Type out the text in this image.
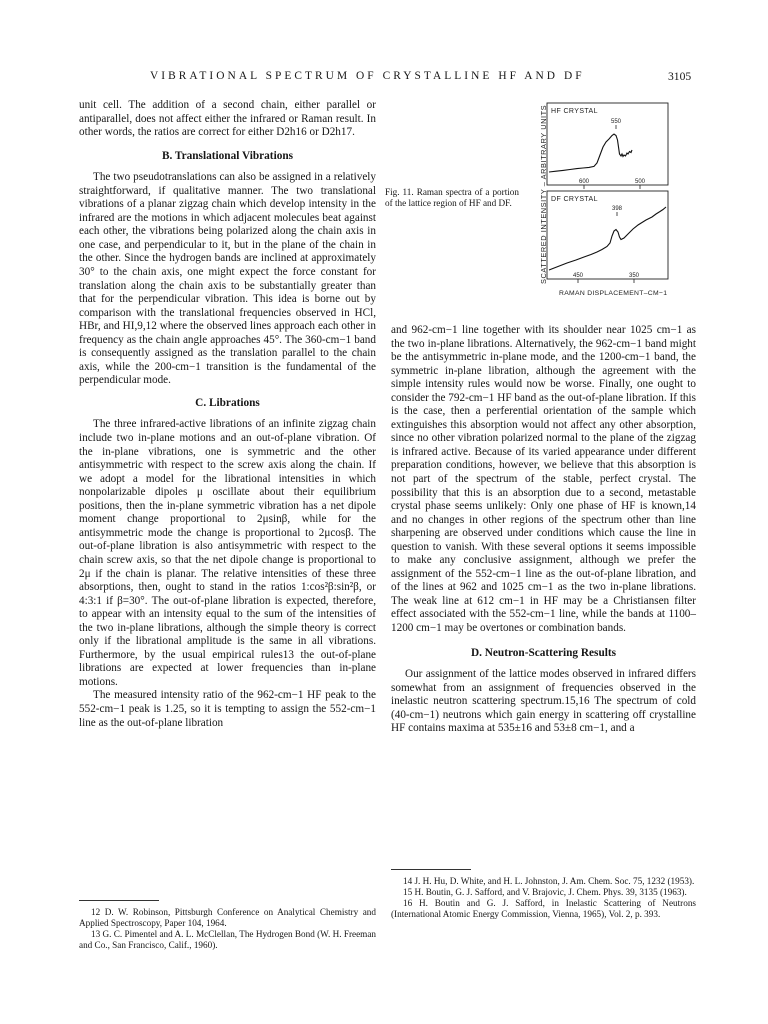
VIBRATIONAL SPECTRUM OF CRYSTALLINE HF AND DF	3105

unit cell. The addition of a second chain, either parallel or antiparallel, does not affect either the infrared or Raman result. In other words, the ratios are correct for either D2h16 or D2h17.

B. Translational Vibrations

The two pseudotranslations can also be assigned in a relatively straightforward, if qualitative manner. The two translational vibrations of a planar zigzag chain which develop intensity in the infrared are the motions in which adjacent molecules beat against each other, the vibrations being polarized along the chain axis in one case, and perpendicular to it, but in the plane of the chain in the other. Since the hydrogen bands are inclined at approximately 30° to the chain axis, one might expect the force constant for translation along the chain axis to be substantially greater than that for the perpendicular vibration. This idea is borne out by comparison with the translational frequencies observed in HCl, HBr, and HI,9,12 where the observed lines approach each other in frequency as the chain angle approaches 45°. The 360-cm−1 band is consequently assigned as the translation parallel to the chain axis, while the 200-cm−1 transition is the fundamental of the perpendicular mode.

C. Librations

The three infrared-active librations of an infinite zigzag chain include two in-plane motions and an out-of-plane vibration. Of the in-plane vibrations, one is symmetric and the other antisymmetric with respect to the screw axis along the chain. If we adopt a model for the librational intensities in which nonpolarizable dipoles μ oscillate about their equilibrium positions, then the in-plane symmetric vibration has a net dipole moment change proportional to 2μsinβ, while for the antisymmetric mode the change is proportional to 2μcosβ. The out-of-plane libration is also antisymmetric with respect to the chain screw axis, so that the net dipole change is proportional to 2μ if the chain is planar. The relative intensities of these three absorptions, then, ought to stand in the ratios 1:cos²β:sin²β, or 4:3:1 if β=30°. The out-of-plane libration is expected, therefore, to appear with an intensity equal to the sum of the intensities of the two in-plane librations, although the simple theory is correct only if the librational amplitude is the same in all vibrations. Furthermore, by the usual empirical rules13 the out-of-plane librations are expected at lower frequencies than in-plane motions.

The measured intensity ratio of the 962-cm−1 HF peak to the 552-cm−1 peak is 1.25, so it is tempting to assign the 552-cm−1 line as the out-of-plane libration

12 D. W. Robinson, Pittsburgh Conference on Analytical Chemistry and Applied Spectroscopy, Paper 104, 1964.
13 G. C. Pimentel and A. L. McClellan, The Hydrogen Bond (W. H. Freeman and Co., San Francisco, Calif., 1960).
Fig. 11. Raman spectra of a portion of the lattice region of HF and DF.	SCATTERED INTENSITY – ARBITRARY UNITS HF CRYSTAL
550
600	500
DF CRYSTAL
398
450	350
RAMAN DISPLACEMENT–CM−1

and 962-cm−1 line together with its shoulder near 1025 cm−1 as the two in-plane librations. Alternatively, the 962-cm−1 band might be the antisymmetric in-plane mode, and the 1200-cm−1 band, the symmetric in-plane libration, although the agreement with the simple intensity rules would now be worse. Finally, one ought to consider the 792-cm−1 HF band as the out-of-plane libration. If this is the case, then a perferential orientation of the sample which extinguishes this absorption would not affect any other absorption, since no other vibration polarized normal to the plane of the zigzag is infrared active. Because of its varied appearance under different preparation conditions, however, we believe that this absorption is not part of the spectrum of the stable, perfect crystal. The possibility that this is an absorption due to a second, metastable crystal phase seems unlikely: Only one phase of HF is known,14 and no changes in other regions of the spectrum other than line sharpening are observed under conditions which cause the line in question to vanish. With these several options it seems impossible to make any conclusive assignment, although we prefer the assignment of the 552-cm−1 line as the out-of-plane libration, and of the lines at 962 and 1025 cm−1 as the two in-plane librations. The weak line at 612 cm−1 in HF may be a Christiansen filter effect associated with the 552-cm−1 line, while the bands at 1100–1200 cm−1 may be overtones or combination bands.

D. Neutron-Scattering Results

Our assignment of the lattice modes observed in infrared differs somewhat from an assignment of frequencies observed in the inelastic neutron scattering spectrum.15,16 The spectrum of cold (40-cm−1) neutrons which gain energy in scattering off crystalline HF contains maxima at 535±16 and 53±8 cm−1, and a

14 J. H. Hu, D. White, and H. L. Johnston, J. Am. Chem. Soc. 75, 1232 (1953).
15 H. Boutin, G. J. Safford, and V. Brajovic, J. Chem. Phys. 39, 3135 (1963).
16 H. Boutin and G. J. Safford, in Inelastic Scattering of Neutrons (International Atomic Energy Commission, Vienna, 1965), Vol. 2, p. 393.
